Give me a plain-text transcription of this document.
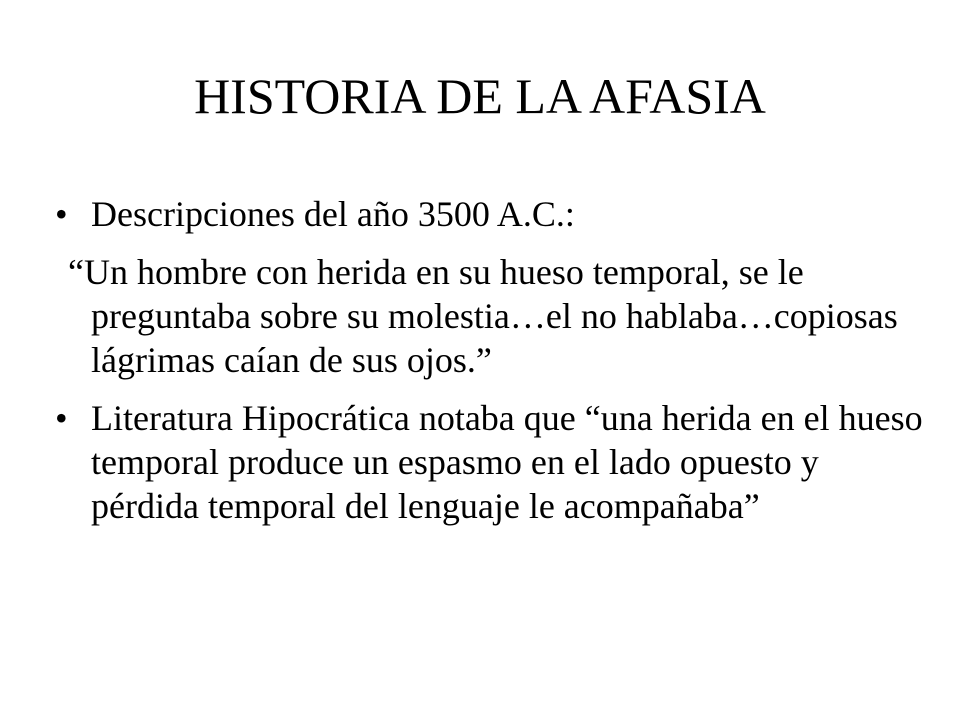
HISTORIA DE LA AFASIA
• Descripciones del año 3500 A.C.:
“Un hombre con herida en su hueso temporal, se le preguntaba sobre su molestia…el no hablaba…copiosas lágrimas caían de sus ojos.”
• Literatura Hipocrática notaba que “una herida en el hueso temporal produce un espasmo en el lado opuesto y pérdida temporal del lenguaje le acompañaba”
